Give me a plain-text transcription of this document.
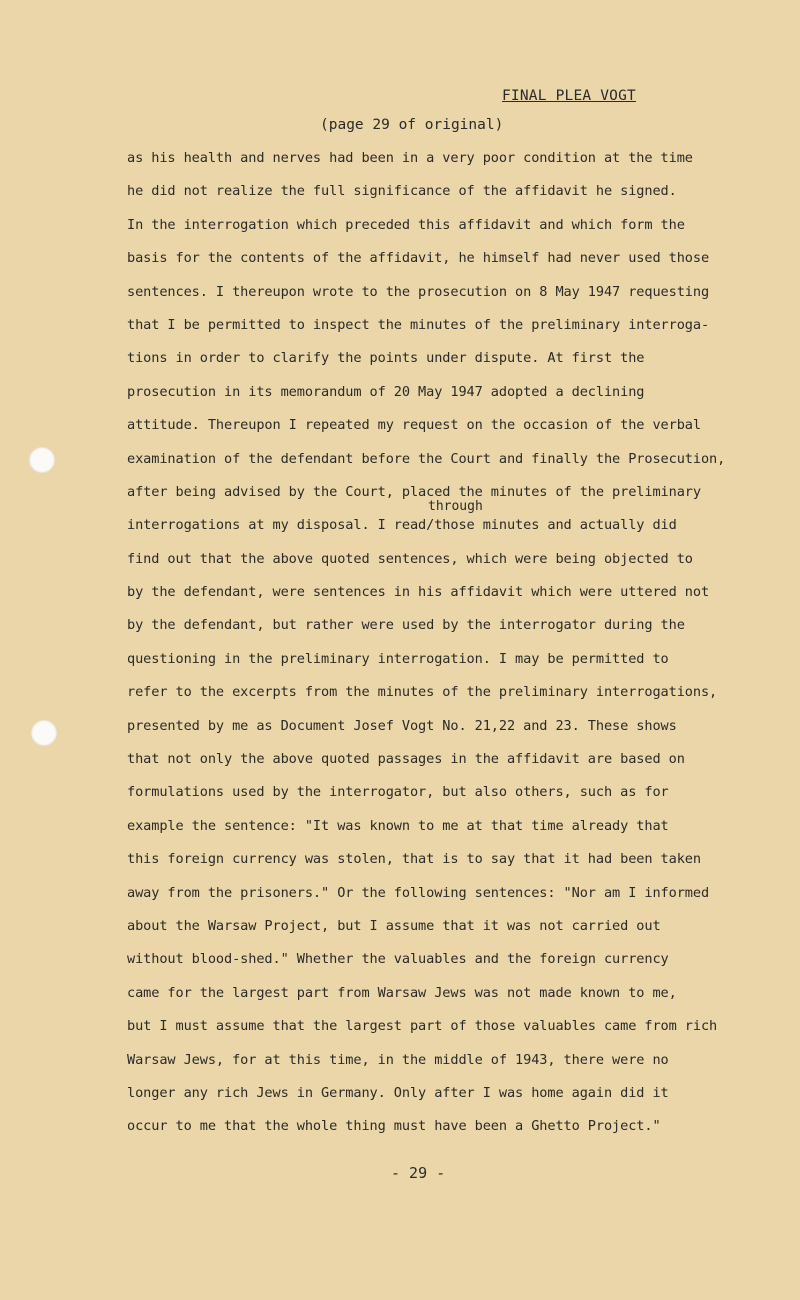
FINAL PLEA VOGT
(page 29 of original)
through
as his health and nerves had been in a very poor condition at the time
he did not realize the full significance of the affidavit he signed.
In the interrogation which preceded this affidavit and which form the
basis for the contents of the affidavit, he himself had never used those
sentences. I thereupon wrote to the prosecution on 8 May 1947 requesting
that I be permitted to inspect the minutes of the preliminary interroga-
tions in order to clarify the points under dispute. At first the
prosecution in its memorandum of 20 May 1947 adopted a declining
attitude. Thereupon I repeated my request on the occasion of the verbal
examination of the defendant before the Court and finally the Prosecution,
after being advised by the Court, placed the minutes of the preliminary
interrogations at my disposal. I read/those minutes and actually did
find out that the above quoted sentences, which were being objected to
by the defendant, were sentences in his affidavit which were uttered not
by the defendant, but rather were used by the interrogator during the
questioning in the preliminary interrogation. I may be permitted to
refer to the excerpts from the minutes of the preliminary interrogations,
presented by me as Document Josef Vogt No. 21,22 and 23. These shows
that not only the above quoted passages in the affidavit are based on
formulations used by the interrogator, but also others, such as for
example the sentence: "It was known to me at that time already that
this foreign currency was stolen, that is to say that it had been taken
away from the prisoners." Or the following sentences: "Nor am I informed
about the Warsaw Project, but I assume that it was not carried out
without blood-shed." Whether the valuables and the foreign currency
came for the largest part from Warsaw Jews was not made known to me,
but I must assume that the largest part of those valuables came from rich
Warsaw Jews, for at this time, in the middle of 1943, there were no
longer any rich Jews in Germany. Only after I was home again did it
occur to me that the whole thing must have been a Ghetto Project."
- 29 -
